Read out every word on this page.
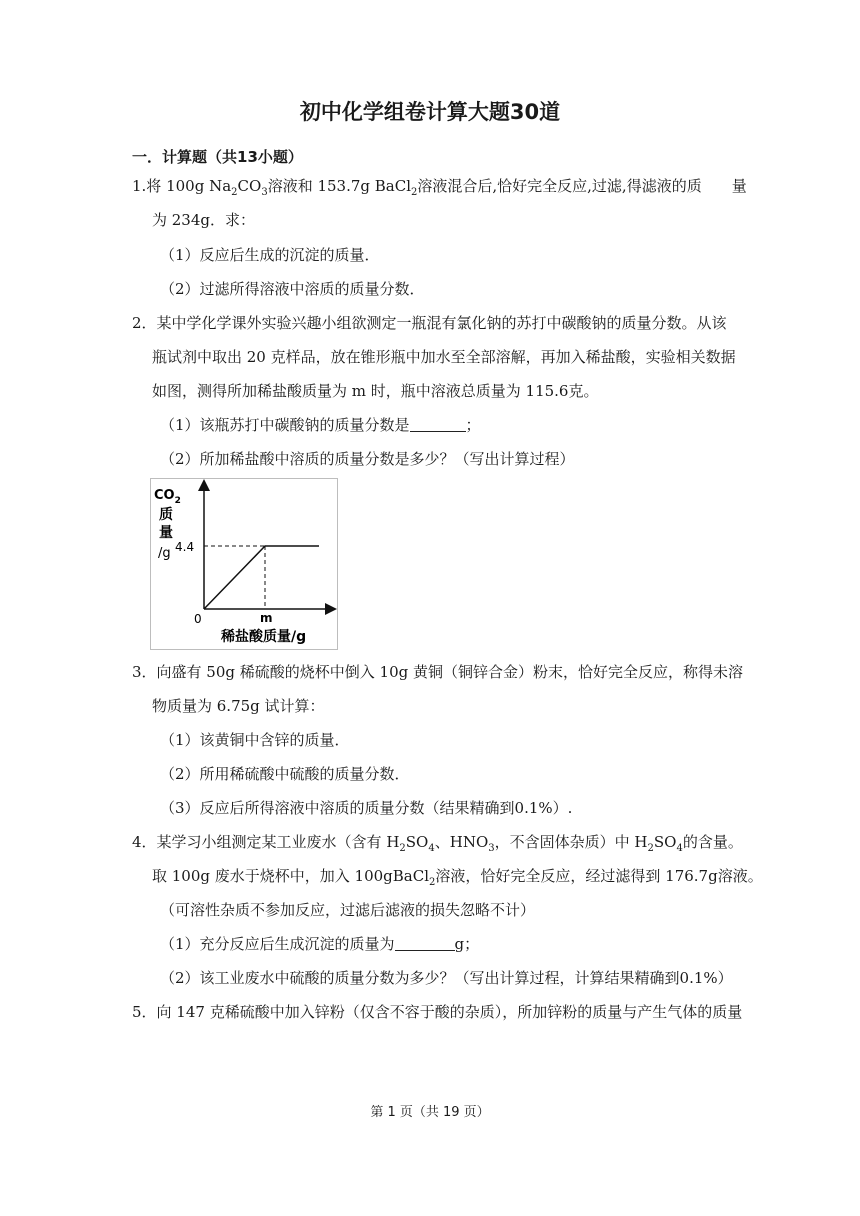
初中化学组卷计算大题30道
一．计算题（共13小题）
1.将 100g $Na_2CO_3$溶液和 153.7g BaCl$_2$溶液混合后,恰好完全反应,过滤,得滤液的质 量
为 234g．求：
（1）反应后生成的沉淀的质量．
（2）过滤所得溶液中溶质的质量分数．
2．某中学化学课外实验兴趣小组欲测定一瓶混有氯化钠的苏打中碳酸钠的质量分数。从该
瓶试剂中取出 20 克样品，放在锥形瓶中加水至全部溶解，再加入稀盐酸，实验相关数据
如图，测得所加稀盐酸质量为 m 时，瓶中溶液总质量为 115.6克。
（1）该瓶苏打中碳酸钠的质量分数是	；
（2）所加稀盐酸中溶质的质量分数是多少？（写出计算过程）
$CO_2$
质
量
/g 4.4
0	m
稀盐酸质量/g
3．向盛有 50g 稀硫酸的烧杯中倒入 10g 黄铜（铜锌合金）粉末，恰好完全反应，称得未溶
物质量为 6.75g 试计算：
（1）该黄铜中含锌的质量．
（2）所用稀硫酸中硫酸的质量分数．
（3）反应后所得溶液中溶质的质量分数（结果精确到0.1%）.
4．某学习小组测定某工业废水（含有 $H_2SO_4$、$HNO_3$，不含固体杂质）中 $H_2SO_4$的含量。
取 100g 废水于烧杯中，加入 100gBaCl$_2$溶液，恰好完全反应，经过滤得到 176.7g溶液。
（可溶性杂质不参加反应，过滤后滤液的损失忽略不计）
（1）充分反应后生成沉淀的质量为	g；
（2）该工业废水中硫酸的质量分数为多少？（写出计算过程，计算结果精确到0.1%）
5．向 147 克稀硫酸中加入锌粉（仅含不容于酸的杂质），所加锌粉的质量与产生气体的质量
第 1 页（共 19 页）
